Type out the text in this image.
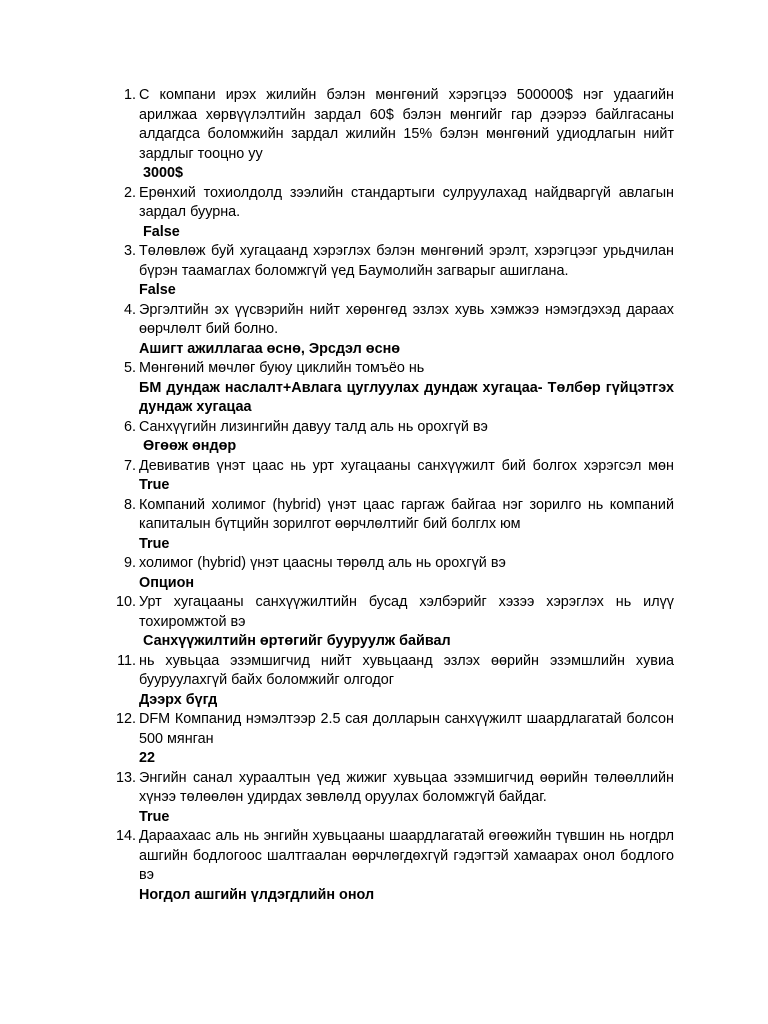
1. С компани ирэх жилийн бэлэн мөнгөний хэрэгцээ 500000$ нэг удаагийн арилжаа хөрвүүлэлтийн зардал 60$ бэлэн мөнгийг гар дээрээ байлгасаны алдагдса боломжийн зардал жилийн 15% бэлэн мөнгөний удиодлагын нийт зардлыг тооцно уу
3000$
2. Ерөнхий тохиолдолд зээлийн стандартыги сулруулахад найдваргүй авлагын зардал буурна.
False
3. Төлөвлөж буй хугацаанд хэрэглэх бэлэн мөнгөний эрэлт, хэрэгцээг урьдчилан бүрэн таамаглах боломжгүй үед Баумолийн загварыг ашиглана.
False
4. Эргэлтийн эх үүсвэрийн нийт хөрөнгөд эзлэх хувь хэмжээ нэмэгдэхэд дараах өөрчлөлт бий болно.
Ашигт ажиллагаа өснө, Эрсдэл өснө
5. Мөнгөний мөчлөг буюу циклийн томъёо нь
БМ дундаж наслалт+Авлага цуглуулах дундаж хугацаа- Төлбөр гүйцэтгэх дундаж хугацаа
6. Санхүүгийн лизингийн давуу талд аль нь орохгүй вэ
Өгөөж өндөр
7. Девиватив үнэт цаас нь урт хугацааны санхүүжилт бий болгох хэрэгсэл мөн True
8. Компаний холимог (hybrid) үнэт цаас гаргаж байгаа нэг зорилго нь компаний капиталын бүтцийн зорилгот өөрчлөлтийг бий болглх юм
True
9. холимог (hybrid) үнэт цаасны төрөлд аль нь орохгүй вэ
Опцион
10. Урт хугацааны санхүүжилтийн бусад хэлбэрийг хэзээ хэрэглэх нь илүү тохиромжтой вэ
Санхүүжилтийн өртөгийг бууруулж байвал
11. нь хувьцаа эзэмшигчид нийт хувьцаанд эзлэх өөрийн эзэмшлийн хувиа бууруулахгүй байх боломжийг олгодог
Дээрх бүгд
12. DFM Компанид нэмэлтээр 2.5 сая долларын санхүүжилт шаардлагатай болсон 500 мянган
22
13. Энгийн санал хураалтын үед жижиг хувьцаа эзэмшигчид өөрийн төлөөллийн хүнээ төлөөлөн удирдах зөвлөлд оруулах боломжгүй байдаг.
True
14. Дараахаас аль нь энгийн хувьцааны шаардлагатай өгөөжийн түвшин нь ногдрл ашгийн бодлогоос шалтгаалан өөрчлөгдөхгүй гэдэгтэй хамаарах онол бодлого вэ
Ногдол ашгийн үлдэгдлийн онол
